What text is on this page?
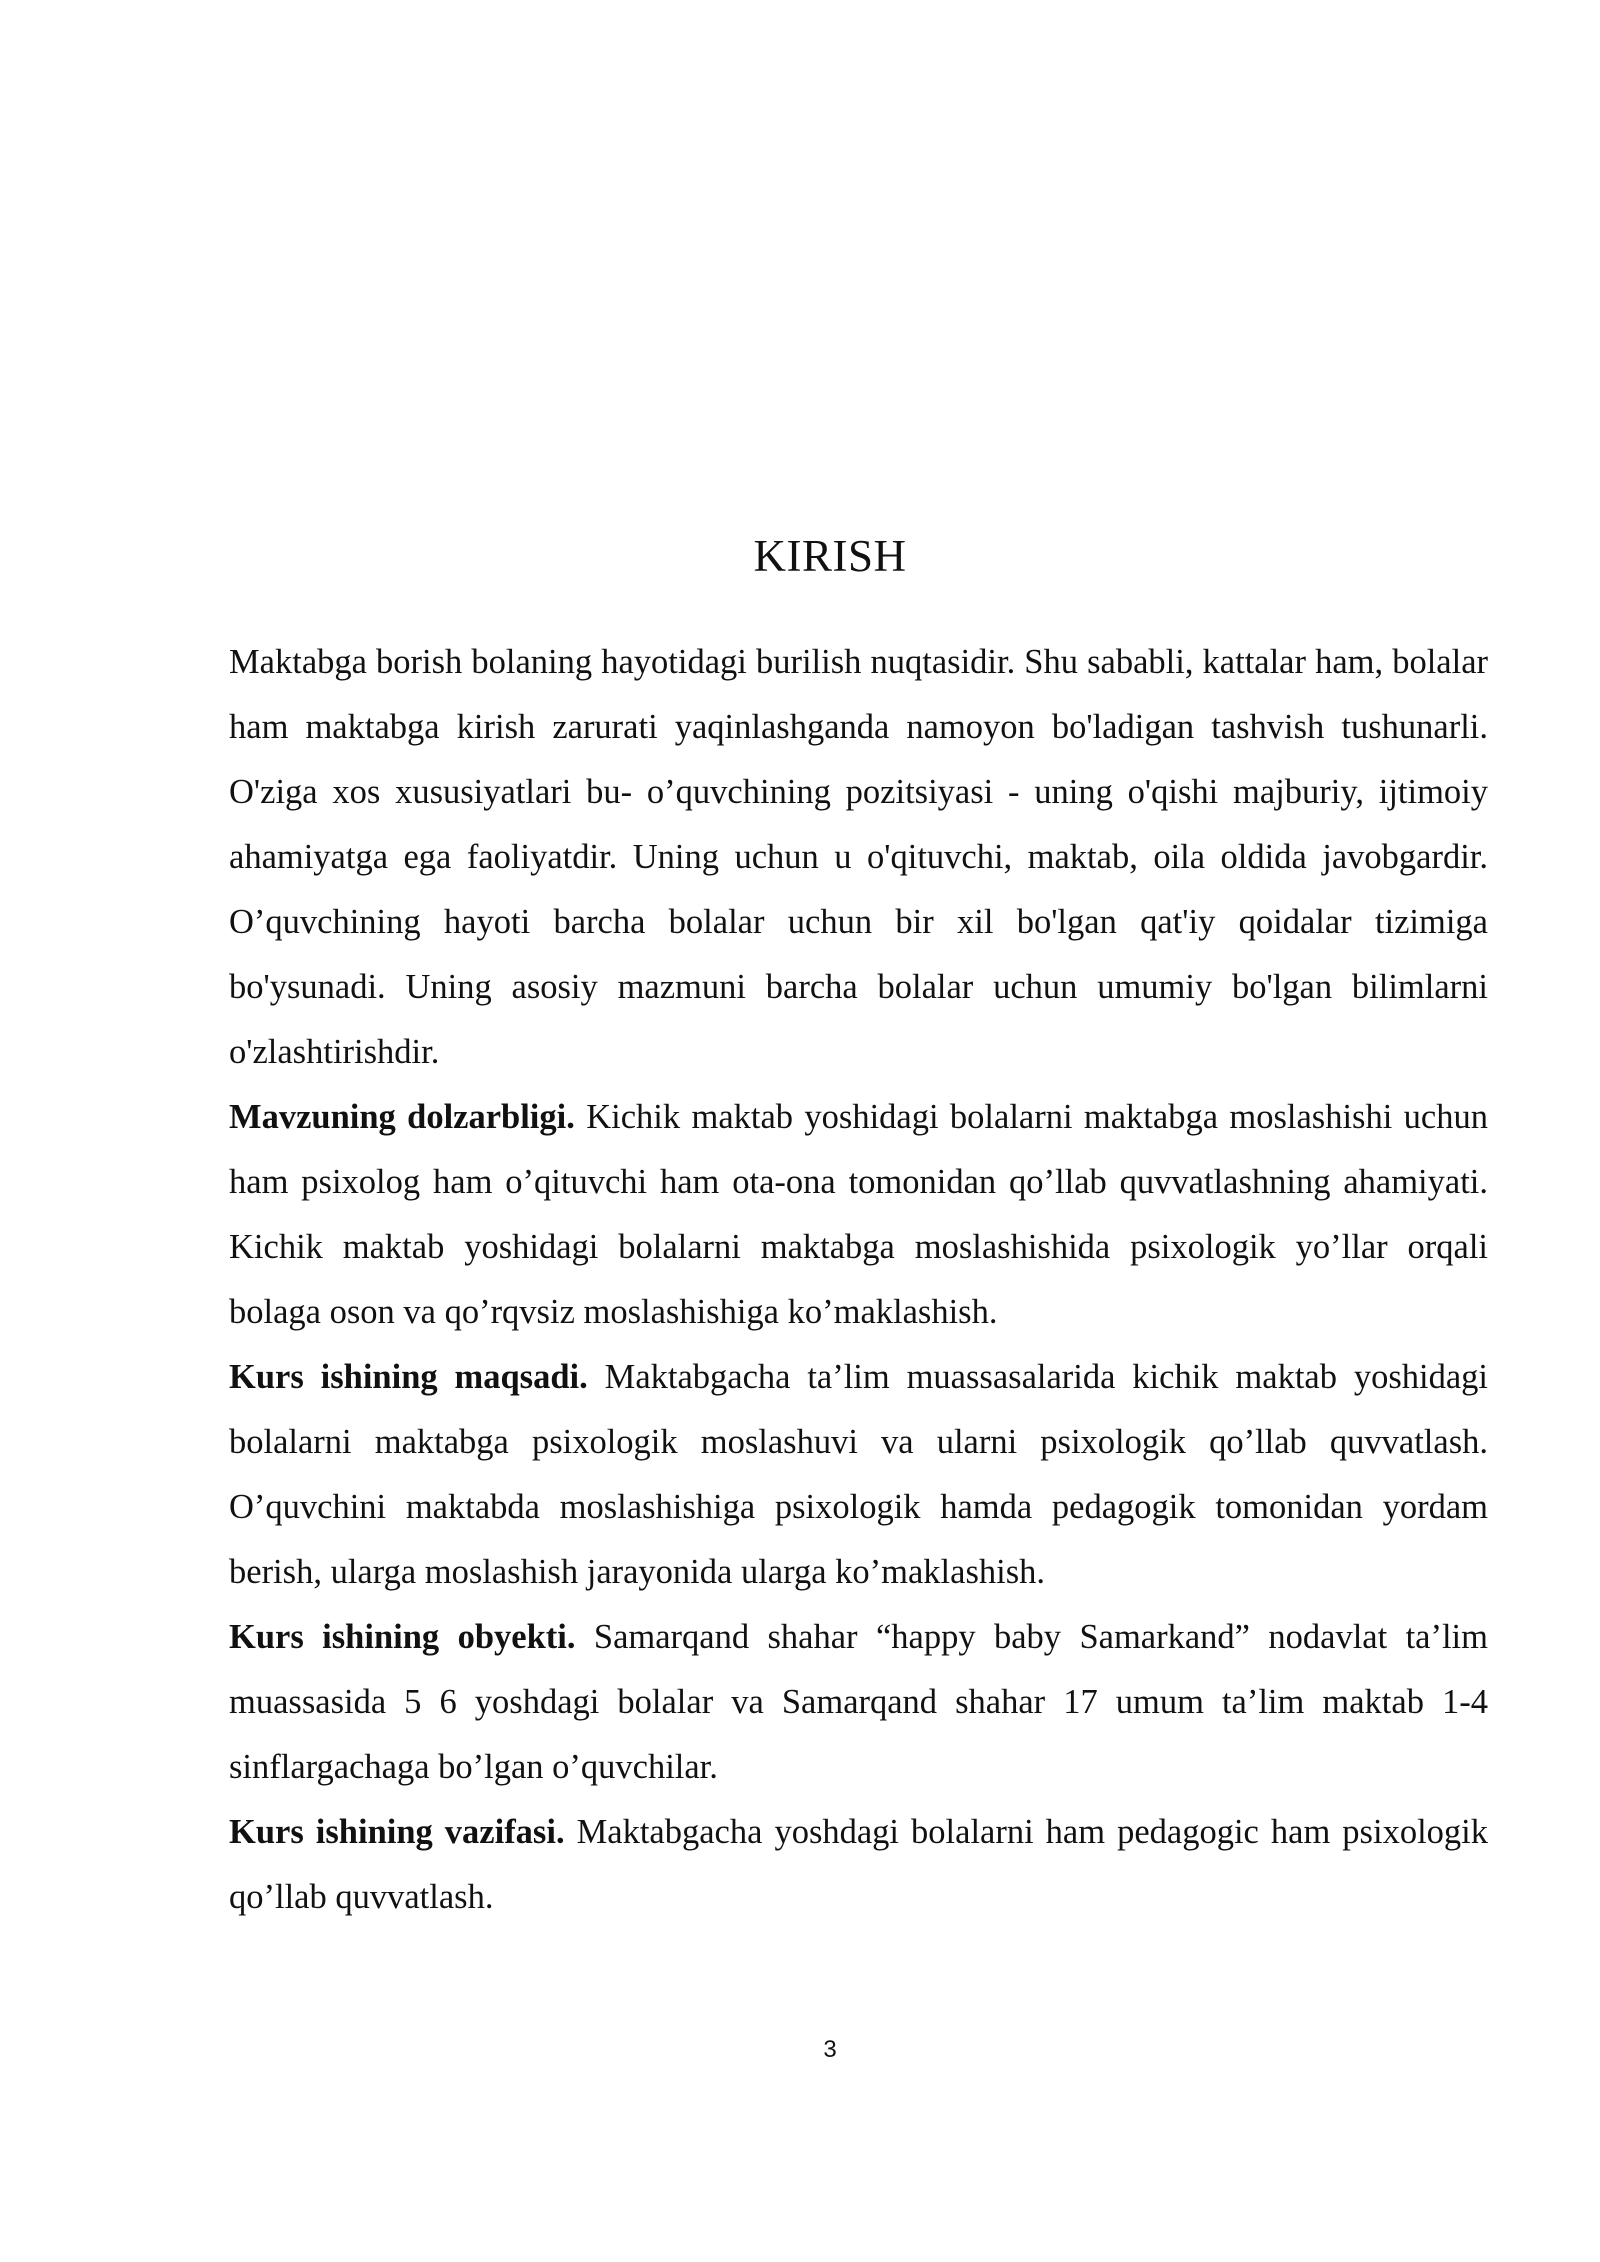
KIRISH

Maktabga borish bolaning hayotidagi burilish nuqtasidir. Shu sababli, kattalar ham, bolalar ham maktabga kirish zarurati yaqinlashganda namoyon bo'ladigan tashvish tushunarli. O'ziga xos xususiyatlari bu- o’quvchining pozitsiyasi - uning o'qishi majburiy, ijtimoiy ahamiyatga ega faoliyatdir. Uning uchun u o'qituvchi, maktab, oila oldida javobgardir. O’quvchining hayoti barcha bolalar uchun bir xil bo'lgan qat'iy qoidalar tizimiga bo'ysunadi. Uning asosiy mazmuni barcha bolalar uchun umumiy bo'lgan bilimlarni o'zlashtirishdir.

Mavzuning dolzarbligi. Kichik maktab yoshidagi bolalarni maktabga moslashishi uchun ham psixolog ham o’qituvchi ham ota-ona tomonidan qo’llab quvvatlashning ahamiyati. Kichik maktab yoshidagi bolalarni maktabga moslashishida psixologik yo’llar orqali bolaga oson va qo’rqvsiz moslashishiga ko’maklashish.

Kurs ishining maqsadi. Maktabgacha ta’lim muassasalarida kichik maktab yoshidagi bolalarni maktabga psixologik moslashuvi va ularni psixologik qo’llab quvvatlash. O’quvchini maktabda moslashishiga psixologik hamda pedagogik tomonidan yordam berish, ularga moslashish jarayonida ularga ko’maklashish.

Kurs ishining obyekti. Samarqand shahar “happy baby Samarkand” nodavlat ta’lim muassasida 5 6 yoshdagi bolalar va Samarqand shahar 17 umum ta’lim maktab 1-4 sinflargachaga bo’lgan o’quvchilar.

Kurs ishining vazifasi. Maktabgacha yoshdagi bolalarni ham pedagogic ham psixologik qo’llab quvvatlash.

3
